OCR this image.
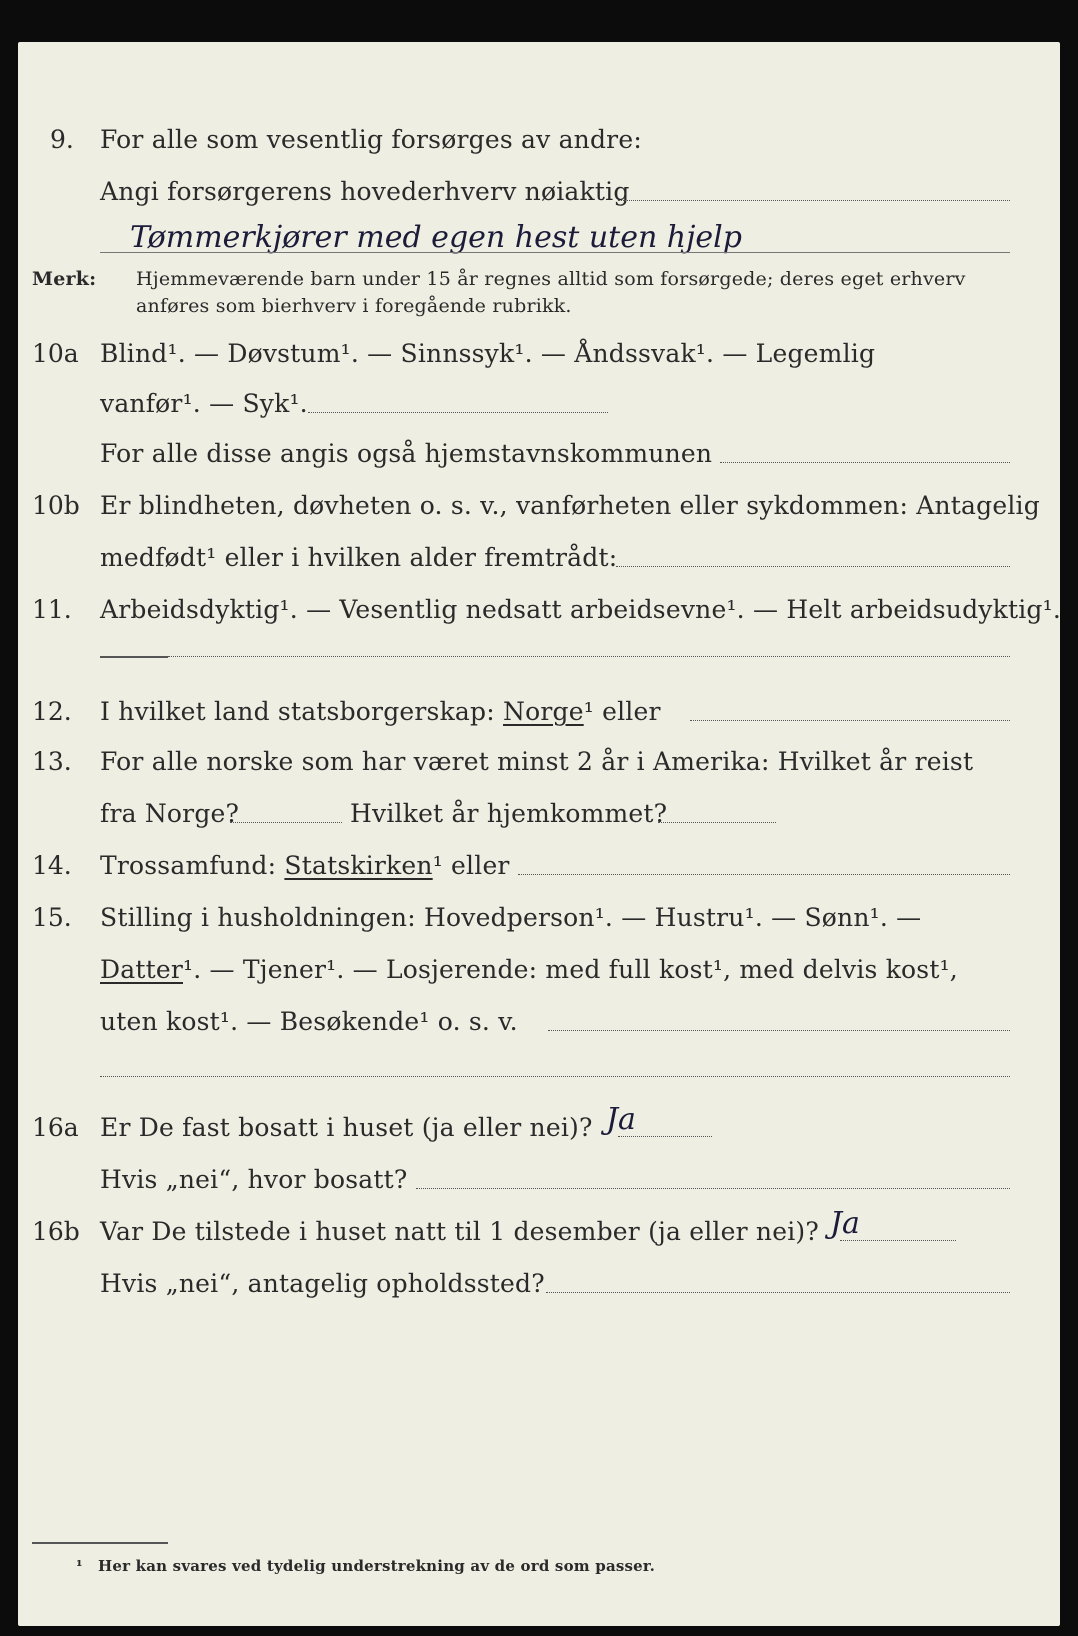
9. For alle som vesentlig forsørges av andre:
Angi forsørgerens hovederhverv nøiaktig
Tømmerkjører med egen hest uten hjelp
Merk: Hjemmeværende barn under 15 år regnes alltid som forsørgede; deres eget erhverv
anføres som bierhverv i foregående rubrikk.
10a Blind¹. — Døvstum¹. — Sinnssyk¹. — Åndssvak¹. — Legemlig
vanfør¹. — Syk¹.
For alle disse angis også hjemstavnskommunen
10b Er blindheten, døvheten o. s. v., vanførheten eller sykdommen: Antagelig
medfødt¹ eller i hvilken alder fremtrådt:
11. Arbeidsdyktig¹. — Vesentlig nedsatt arbeidsevne¹. — Helt arbeidsudyktig¹.
12. I hvilket land statsborgerskap: Norge¹ eller
13. For alle norske som har været minst 2 år i Amerika: Hvilket år reist
fra Norge?	Hvilket år hjemkommet?
14. Trossamfund: Statskirken¹ eller
15. Stilling i husholdningen: Hovedperson¹. — Hustru¹. — Sønn¹. —
Datter¹. — Tjener¹. — Losjerende: med full kost¹, med delvis kost¹,
uten kost¹. — Besøkende¹ o. s. v.
16a Er De fast bosatt i huset (ja eller nei)? Ja
Hvis „nei“, hvor bosatt?
16b Var De tilstede i huset natt til 1 desember (ja eller nei)? Ja
Hvis „nei“, antagelig opholdssted?
¹ Her kan svares ved tydelig understrekning av de ord som passer.
